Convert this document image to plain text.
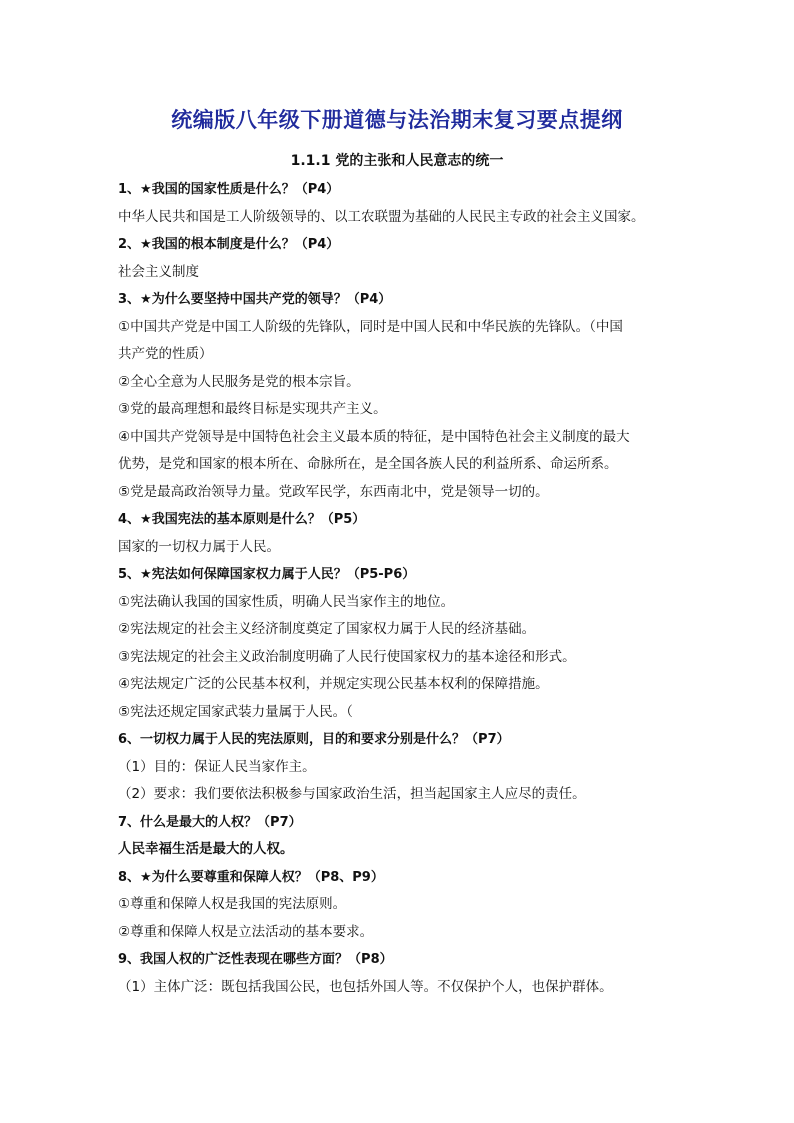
统编版八年级下册道德与法治期末复习要点提纲
1.1.1 党的主张和人民意志的统一
1、★我国的国家性质是什么？（P4）
中华人民共和国是工人阶级领导的、以工农联盟为基础的人民民主专政的社会主义国家。
2、★我国的根本制度是什么？（P4）
社会主义制度
3、★为什么要坚持中国共产党的领导？（P4）
①中国共产党是中国工人阶级的先锋队，同时是中国人民和中华民族的先锋队。（中国
共产党的性质）
②全心全意为人民服务是党的根本宗旨。
③党的最高理想和最终目标是实现共产主义。
④中国共产党领导是中国特色社会主义最本质的特征，是中国特色社会主义制度的最大
优势，是党和国家的根本所在、命脉所在，是全国各族人民的利益所系、命运所系。
⑤党是最高政治领导力量。党政军民学，东西南北中，党是领导一切的。
4、★我国宪法的基本原则是什么？（P5）
国家的一切权力属于人民。
5、★宪法如何保障国家权力属于人民？（P5-P6）
①宪法确认我国的国家性质，明确人民当家作主的地位。
②宪法规定的社会主义经济制度奠定了国家权力属于人民的经济基础。
③宪法规定的社会主义政治制度明确了人民行使国家权力的基本途径和形式。
④宪法规定广泛的公民基本权利，并规定实现公民基本权利的保障措施。
⑤宪法还规定国家武装力量属于人民。（
6、一切权力属于人民的宪法原则，目的和要求分别是什么？（P7）
（1）目的：保证人民当家作主。
（2）要求：我们要依法积极参与国家政治生活，担当起国家主人应尽的责任。
7、什么是最大的人权？（P7）
人民幸福生活是最大的人权。
8、★为什么要尊重和保障人权？（P8、P9）
①尊重和保障人权是我国的宪法原则。
②尊重和保障人权是立法活动的基本要求。
9、我国人权的广泛性表现在哪些方面？（P8）
（1）主体广泛：既包括我国公民，也包括外国人等。不仅保护个人，也保护群体。
